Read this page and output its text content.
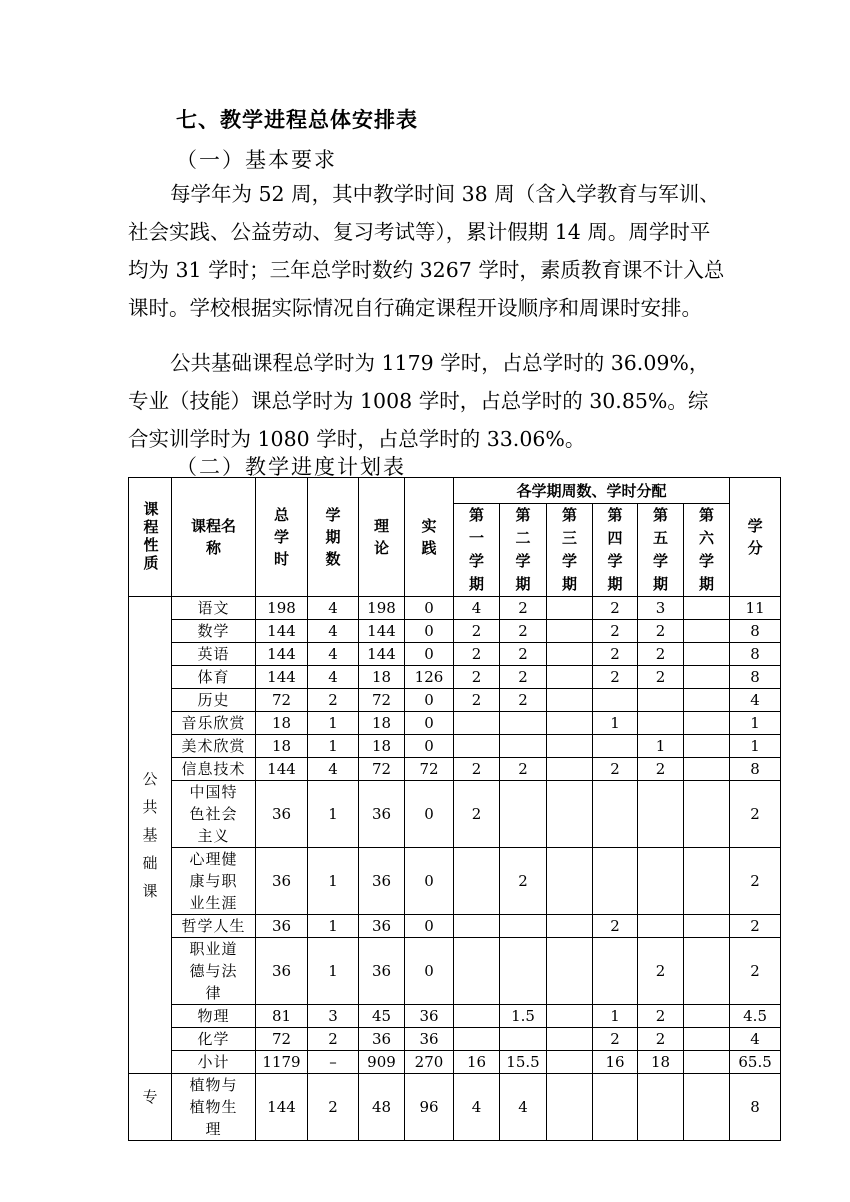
七、教学进程总体安排表
（一）基本要求

每学年为 52 周，其中教学时间 38 周（含入学教育与军训、社会实践、公益劳动、复习考试等），累计假期 14 周。周学时平均为 31 学时；三年总学时数约 3267 学时，素质教育课不计入总课时。学校根据实际情况自行确定课程开设顺序和周课时安排。

公共基础课程总学时为 1179 学时，占总学时的 36.09%，专业（技能）课总学时为 1008 学时，占总学时的 30.85%。综合实训学时为 1080 学时，占总学时的 33.06%。

（二）教学进度计划表
课程性质	课程名称	总学时	学期数	理论	实践	各学期周数、学时分配						学分
						第一学期	第二学期	第三学期	第四学期	第五学期	第六学期	
公共基础课	语文	198	4	198	0	4	2		2	3		11
	数学	144	4	144	0	2	2		2	2		8
	英语	144	4	144	0	2	2		2	2		8
	体育	144	4	18	126	2	2		2	2		8
	历史	72	2	72	0	2	2					4
	音乐欣赏	18	1	18	0				1			1
	美术欣赏	18	1	18	0					1		1
	信息技术	144	4	72	72	2	2		2	2		8
	中国特色社会主义	36	1	36	0	2						2
	心理健康与职业生涯	36	1	36	0		2					2
	哲学人生	36	1	36	0				2			2
	职业道德与法律	36	1	36	0					2		2
	物理	81	3	45	36		1.5		1	2		4.5
	化学	72	2	36	36				2	2		4
	小计	1179	–	909	270	16	15.5		16	18		65.5
专	植物与植物生理	144	2	48	96	4	4					8
